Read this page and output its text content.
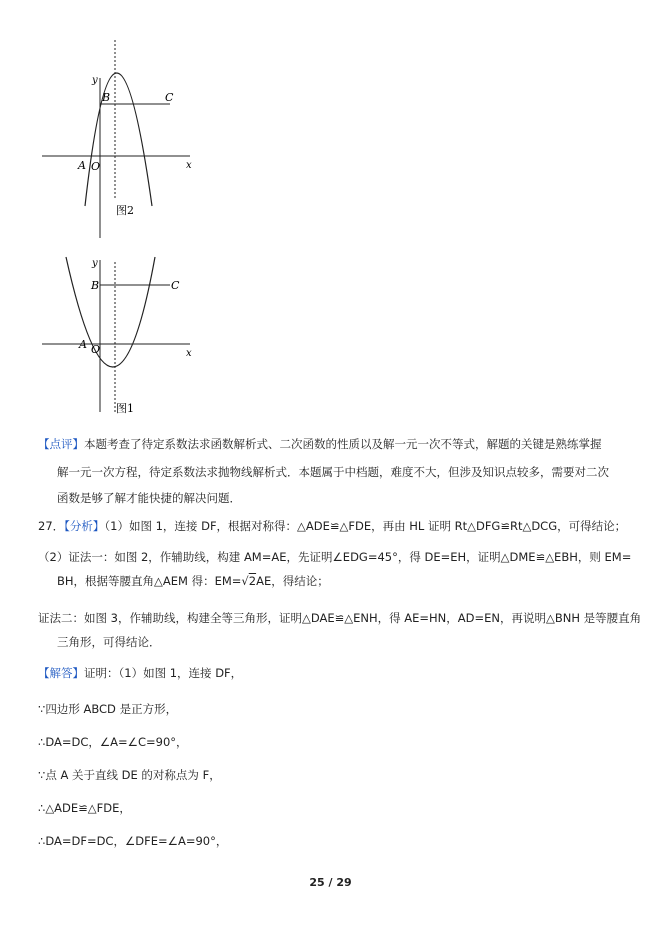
y
x
B	C
A O
图2
y
x
B	C
A O
图1
【点评】本题考查了待定系数法求函数解析式、二次函数的性质以及解一元一次不等式，解题的关键是熟练掌握
解一元一次方程，待定系数法求抛物线解析式．本题属于中档题，难度不大，但涉及知识点较多，需要对二次
函数是够了解才能快捷的解决问题．
27．【分析】（1）如图 1，连接 DF，根据对称得：△ADE≌△FDE，再由 HL 证明 Rt△DFG≌Rt△DCG，可得结论；
（2）证法一：如图 2，作辅助线，构建 AM=AE，先证明∠EDG=45°，得 DE=EH，证明△DME≌△EBH，则 EM=
BH，根据等腰直角△AEM 得：EM=√2AE，得结论；
证法二：如图 3，作辅助线，构建全等三角形，证明△DAE≌△ENH，得 AE=HN，AD=EN，再说明△BNH 是等腰直角
三角形，可得结论．
【解答】证明：（1）如图 1，连接 DF，
∵四边形 ABCD 是正方形，
∴DA=DC，∠A=∠C=90°，
∵点 A 关于直线 DE 的对称点为 F，
∴△ADE≌△FDE，
∴DA=DF=DC，∠DFE=∠A=90°，
25 / 29
